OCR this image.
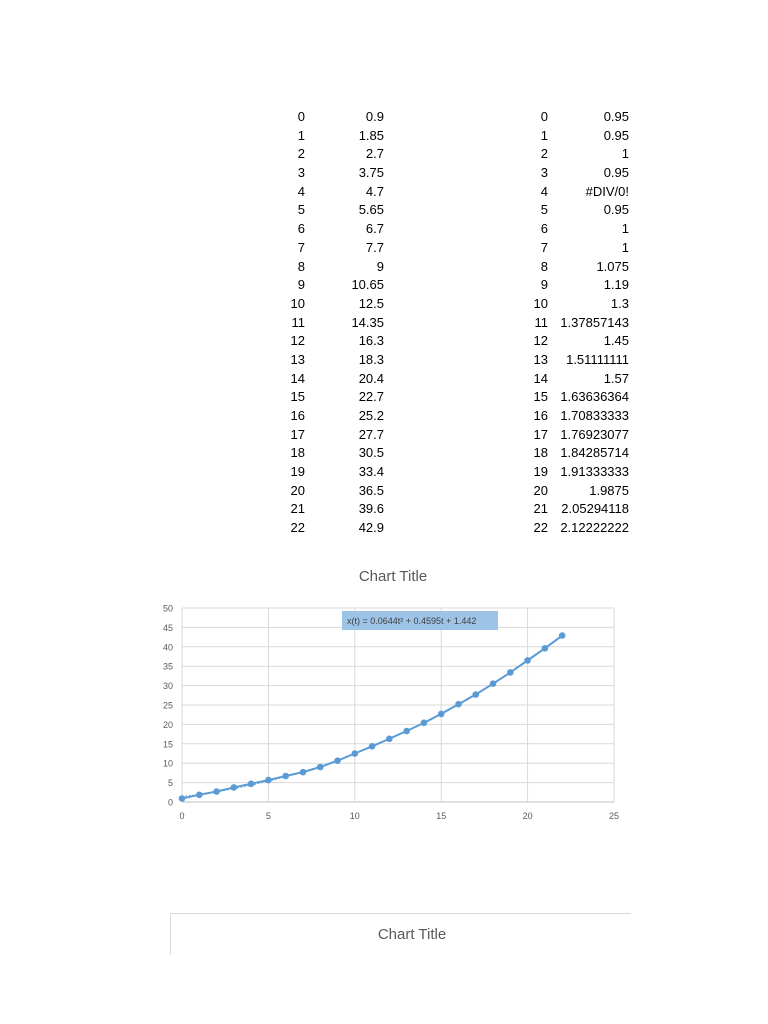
0	0.9
1	1.85
2	2.7
3	3.75
4	4.7
5	5.65
6	6.7
7	7.7
8	9
9	10.65
10	12.5
11	14.35
12	16.3
13	18.3
14	20.4
15	22.7
16	25.2
17	27.7
18	30.5
19	33.4
20	36.5
21	39.6
22	42.9
0	0.95
1	0.95
2	1
3	0.95
4	#DIV/0!
5	0.95
6	1
7	1
8	1.075
9	1.19
10	1.3
11 1.37857143
12	1.45
13 1.51111111
14	1.57
15 1.63636364
16 1.70833333
17 1.76923077
18 1.84285714
19 1.91333333
20	1.9875
21 2.05294118
22 2.12222222
Chart Title
0
5
10
15
20
25
30
35
40
45
50
0	5	10	15	20	25
x(t) = 0.0644t² + 0.4595t + 1.442
Chart Title
